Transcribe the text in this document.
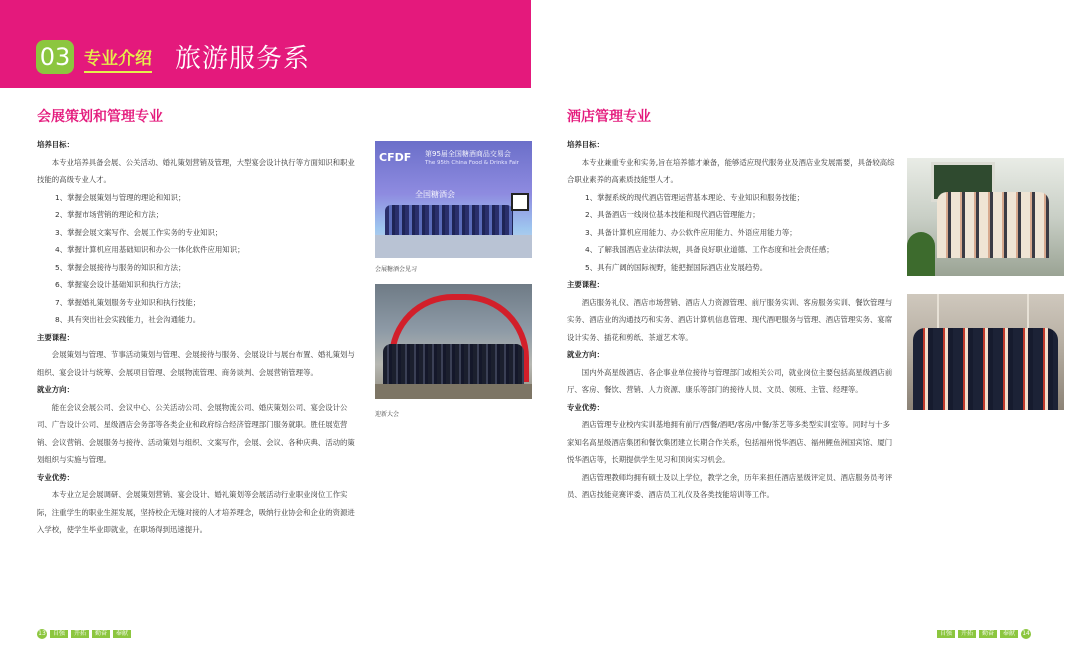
03 专业介绍 旅游服务系
会展策划和管理专业
培养目标：
本专业培养具备会展、公关活动、婚礼策划营销及管理，大型宴会设计执行等方面知识和职业技能的高级专业人才。
1、掌握会展策划与管理的理论和知识；
2、掌握市场营销的理论和方法；
3、掌握会展文案写作、会展工作实务的专业知识；
4、掌握计算机应用基础知识和办公一体化软件应用知识；
5、掌握会展接待与服务的知识和方法；
6、掌握宴会设计基础知识和执行方法；
7、掌握婚礼策划服务专业知识和执行技能；
8、具有突出社会实践能力，社会沟通能力。
主要课程：
会展策划与管理、节事活动策划与管理、会展接待与服务、会展设计与展台布置、婚礼策划与组织、宴会设计与统筹、会展项目管理、会展物流管理、商务谈判、会展营销管理等。
就业方向：
能在会议会展公司、会议中心、公关活动公司、会展物流公司、婚庆策划公司、宴会设计公司、广告设计公司、星级酒店会务部等各类企业和政府综合经济管理部门服务就职。胜任展览营销、会议营销、会展服务与接待、活动策划与组织、文案写作，会展、会议、各种庆典、活动的策划组织与实施与管理。
专业优势：
本专业立足会展调研、会展策划营销、宴会设计、婚礼策划等会展活动行业职业岗位工作实际，注重学生的职业生涯发展，坚持校企无缝对接的人才培养理念，吸纳行业协会和企业的资源进入学校，使学生毕业即就业，在职场得到迅速提升。
CFDF 第95届全国糖酒商品交易会
The 95th China Food & Drinks Fair
全国糖酒会
会展糖酒会见习
迎新大会
酒店管理专业
培养目标：
本专业兼重专业和实务,旨在培养德才兼备，能够适应现代服务业及酒店业发展需要，具备较高综合职业素养的高素质技能型人才。
1、掌握系统的现代酒店管理运营基本理论、专业知识和服务技能；
2、具备酒店一线岗位基本技能和现代酒店管理能力；
3、具备计算机应用能力、办公软件应用能力、外语应用能力等；
4、了解我国酒店业法律法规，具备良好职业道德、工作态度和社会责任感；
5、具有广阔的国际视野，能把握国际酒店业发展趋势。
主要课程：
酒店服务礼仪、酒店市场营销、酒店人力资源管理、前厅服务实训、客房服务实训、餐饮管理与实务、酒店业的沟通技巧和实务、酒店计算机信息管理、现代酒吧服务与管理、酒店管理实务、宴席设计实务、插花和剪纸、茶道艺术等。
就业方向：
国内外高星级酒店、各企事业单位接待与管理部门或相关公司，就业岗位主要包括高星级酒店前厅、客房、餐饮、营销、人力资源、康乐等部门的接待人员、文员、领班、主管、经理等。
专业优势：
酒店管理专业校内实训基地拥有前厅/西餐/酒吧/客房/中餐/茶艺等多类型实训室等。同时与十多家知名高星级酒店集团和餐饮集团建立长期合作关系，包括福州悦华酒店、福州鲤鱼洲国宾馆、厦门悦华酒店等，长期提供学生见习和顶岗实习机会。
酒店管理教师均拥有硕士及以上学位，教学之余，历年来担任酒店星级评定员、酒店服务员考评员、酒店技能竞赛评委、酒店员工礼仪及各类技能培训等工作。
13	自强	开拓	勤奋	奉献	自强	开拓	勤奋	奉献	14
